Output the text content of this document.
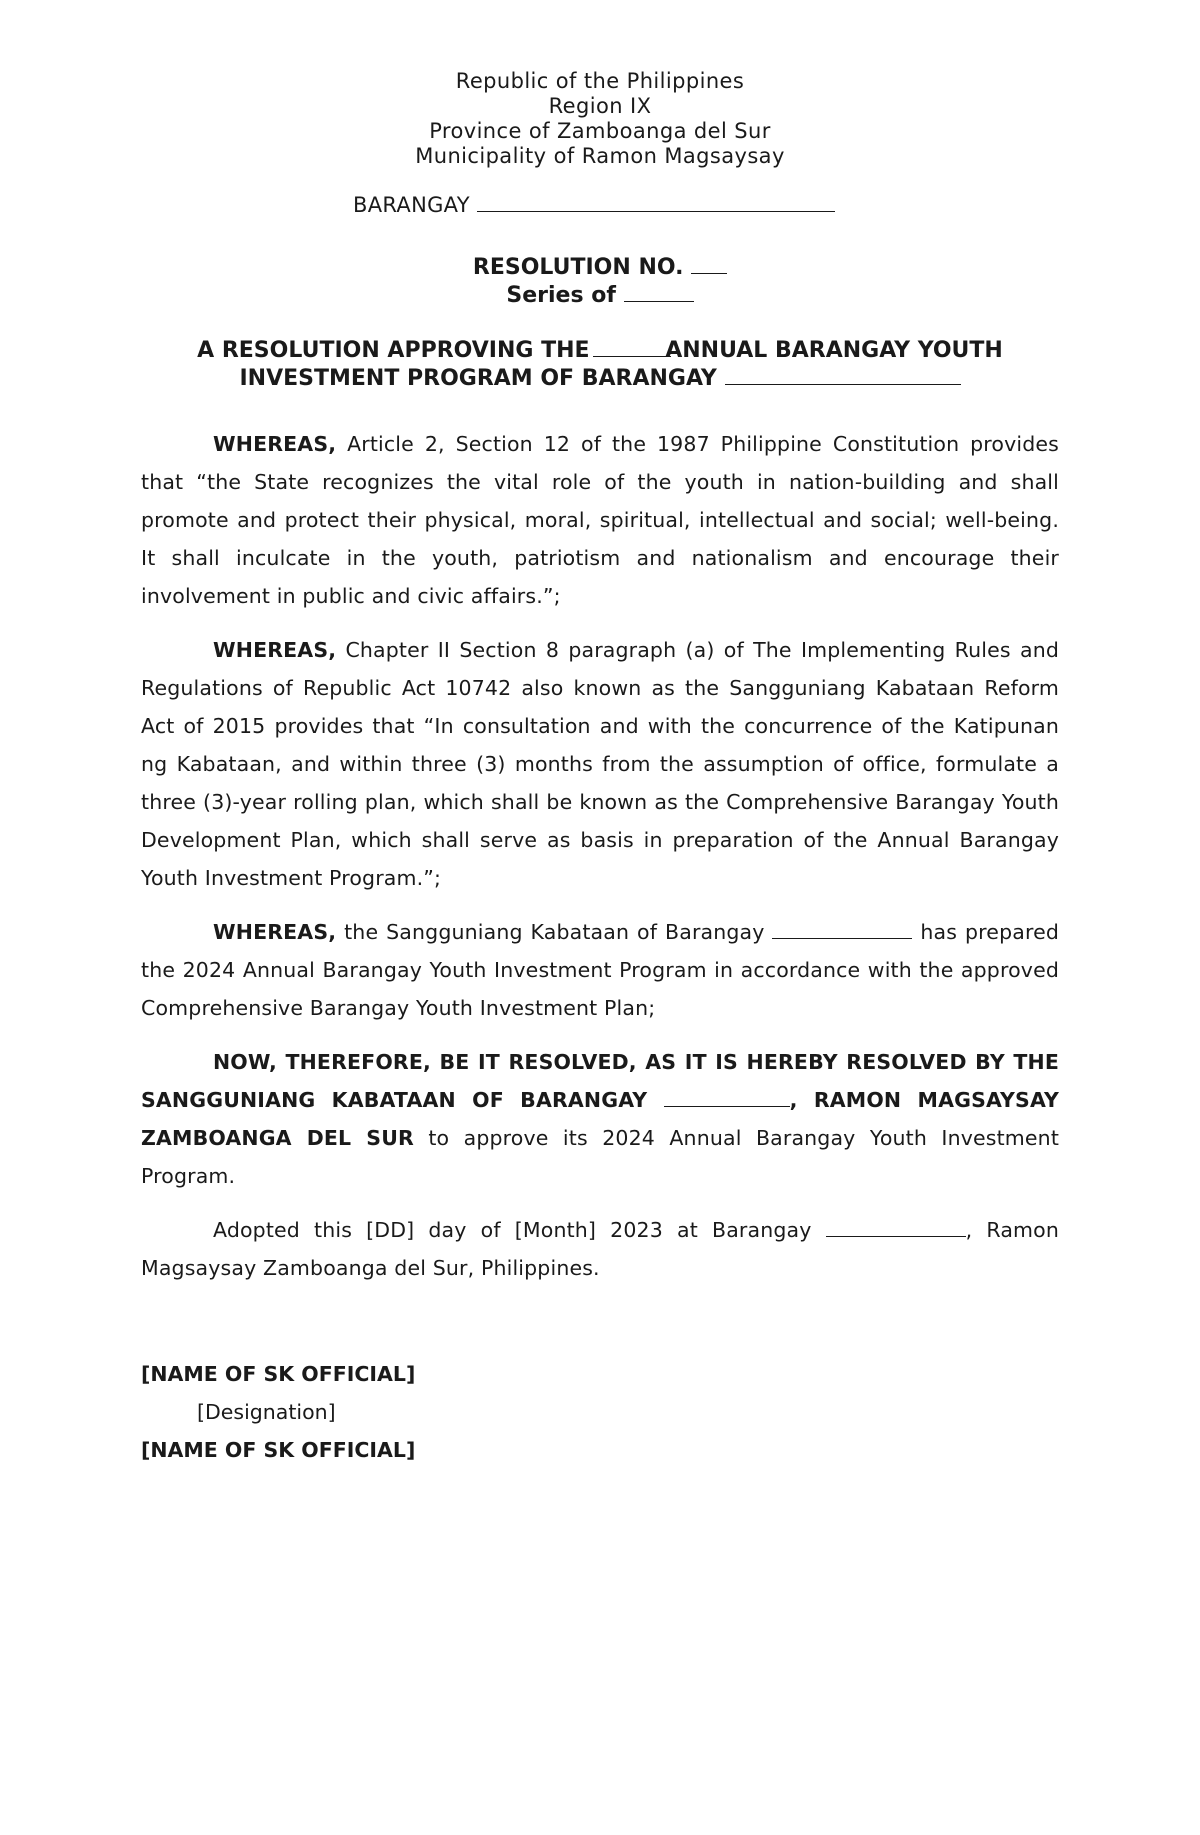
Republic of the Philippines
Region IX
Province of Zamboanga del Sur
Municipality of Ramon Magsaysay
BARANGAY
RESOLUTION NO.
Series of
A RESOLUTION APPROVING THE	ANNUAL BARANGAY YOUTH
INVESTMENT PROGRAM OF BARANGAY

WHEREAS, Article 2, Section 12 of the 1987 Philippine Constitution provides that “the State recognizes the vital role of the youth in nation-building and shall promote and protect their physical, moral, spiritual, intellectual and social; well-being. It shall inculcate in the youth, patriotism and nationalism and encourage their involvement in public and civic affairs.”;

WHEREAS, Chapter II Section 8 paragraph (a) of The Implementing Rules and Regulations of Republic Act 10742 also known as the Sangguniang Kabataan Reform Act of 2015 provides that “In consultation and with the concurrence of the Katipunan ng Kabataan, and within three (3) months from the assumption of office, formulate a three (3)-year rolling plan, which shall be known as the Comprehensive Barangay Youth Development Plan, which shall serve as basis in preparation of the Annual Barangay Youth Investment Program.”;

WHEREAS, the Sangguniang Kabataan of Barangay	has prepared the 2024 Annual Barangay Youth Investment Program in accordance with the approved Comprehensive Barangay Youth Investment Plan;

NOW, THEREFORE, BE IT RESOLVED, AS IT IS HEREBY RESOLVED BY THE SANGGUNIANG KABATAAN OF BARANGAY	, RAMON MAGSAYSAY ZAMBOANGA DEL SUR to approve its 2024 Annual Barangay Youth Investment Program.

Adopted this [DD] day of [Month] 2023 at Barangay	, Ramon Magsaysay Zamboanga del Sur, Philippines.

[NAME OF SK OFFICIAL]
[Designation]
[NAME OF SK OFFICIAL]
